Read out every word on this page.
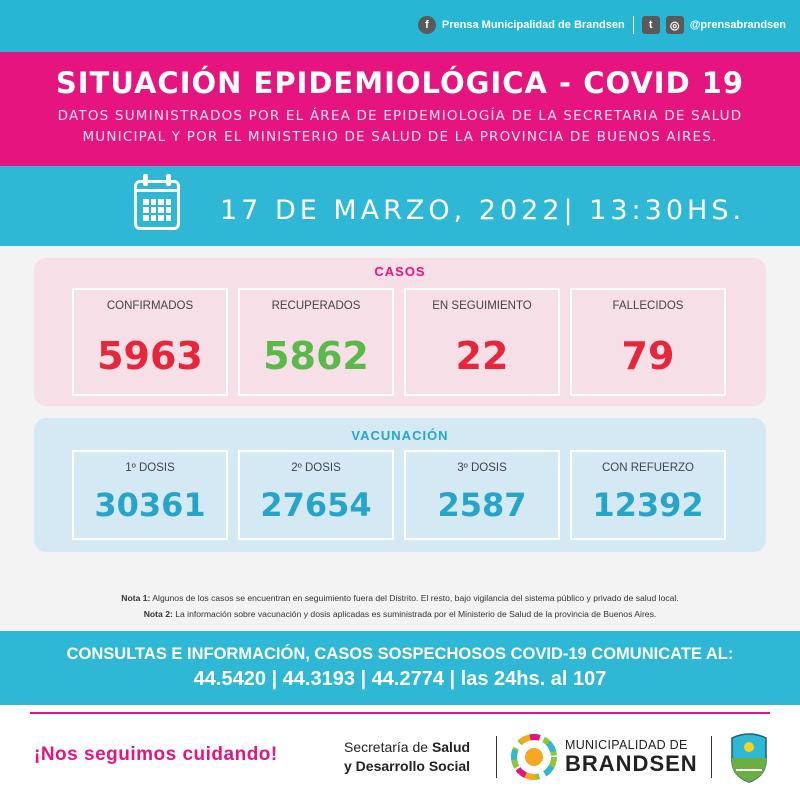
f	Prensa Municipalidad de Brandsen	t	◎ @prensabrandsen
SITUACIÓN EPIDEMIOLÓGICA - COVID 19

DATOS SUMINISTRADOS POR EL ÁREA DE EPIDEMIOLOGÍA DE LA SECRETARIA DE SALUD
MUNICIPAL Y POR EL MINISTERIO DE SALUD DE LA PROVINCIA DE BUENOS AIRES.

17 DE MARZO, 2022| 13:30HS.
CASOS
CONFIRMADOS
5963
RECUPERADOS
5862
EN SEGUIMIENTO
22
FALLECIDOS
79
VACUNACIÓN
1º DOSIS
30361
2º DOSIS
27654
3º DOSIS
2587
CON REFUERZO
12392
Nota 1: Algunos de los casos se encuentran en seguimiento fuera del Distrito. El resto, bajo vigilancia del sistema público y privado de salud local.
Nota 2: La información sobre vacunación y dosis aplicadas es suministrada por el Ministerio de Salud de la provincia de Buenos Aires.
CONSULTAS E INFORMACIÓN, CASOS SOSPECHOSOS COVID-19 COMUNICATE AL:
44.5420 | 44.3193 | 44.2774 | las 24hs. al 107
¡Nos seguimos cuidando!	Secretaría de Salud
y Desarrollo Social
MUNICIPALIDAD DE
BRANDSEN
